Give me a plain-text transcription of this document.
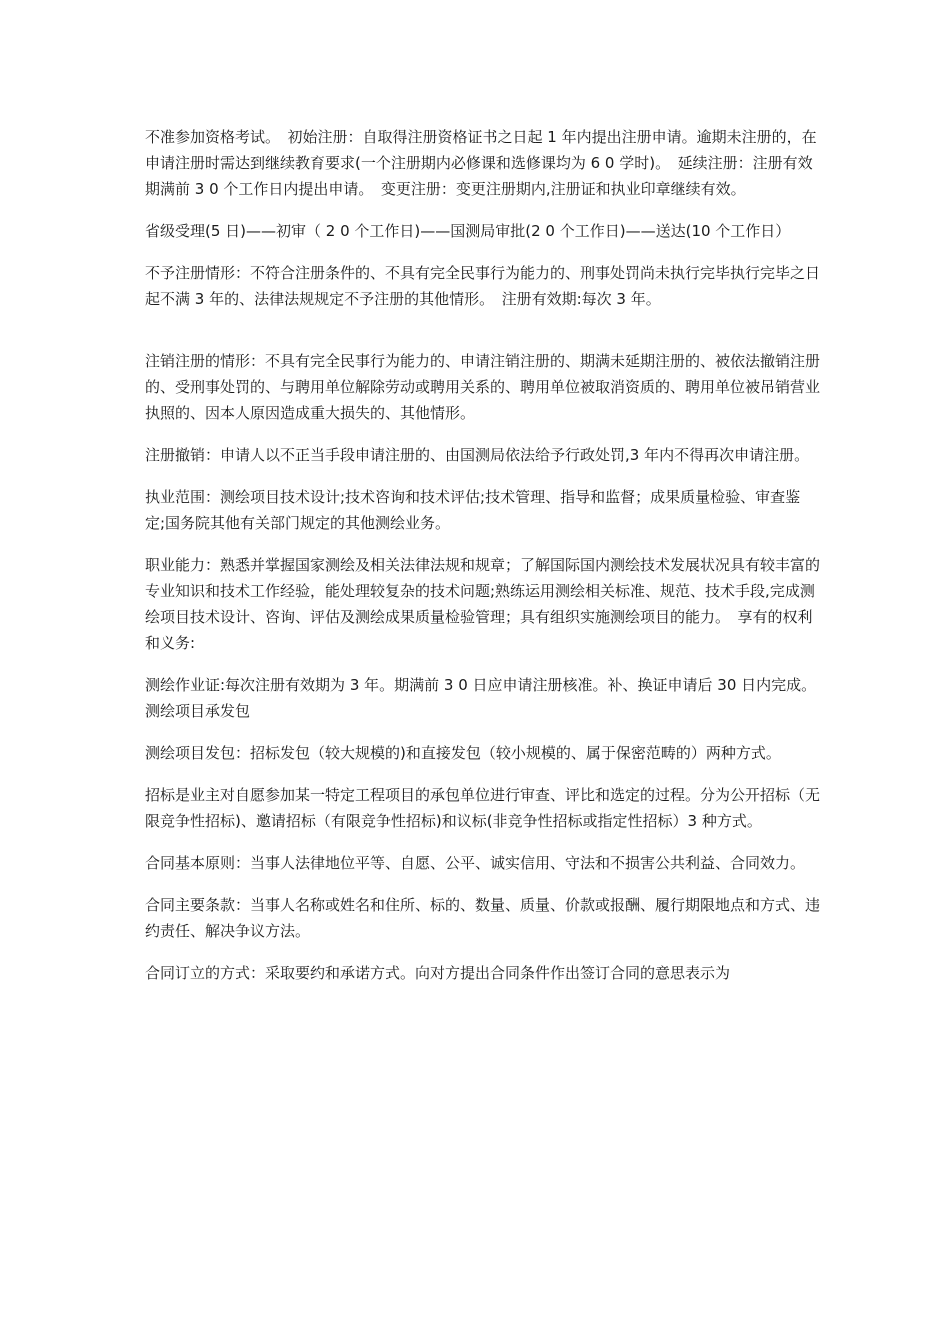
不准参加资格考试。　初始注册：自取得注册资格证书之日起 1 年内提出注册申请。逾期未注册的，在申请注册时需达到继续教育要求(一个注册期内必修课和选修课均为 6 0 学时)。　延续注册：注册有效期满前 3 0 个工作日内提出申请。　变更注册：变更注册期内,注册证和执业印章继续有效。

省级受理(5 日)——初审（ 2 0 个工作日)——国测局审批(2 0 个工作日)——送达(10 个工作日）

不予注册情形：不符合注册条件的、不具有完全民事行为能力的、刑事处罚尚未执行完毕执行完毕之日起不满 3 年的、法律法规规定不予注册的其他情形。　注册有效期:每次 3 年。

注销注册的情形：不具有完全民事行为能力的、申请注销注册的、期满未延期注册的、被依法撤销注册的、受刑事处罚的、与聘用单位解除劳动或聘用关系的、聘用单位被取消资质的、聘用单位被吊销营业执照的、因本人原因造成重大损失的、其他情形。

注册撤销：申请人以不正当手段申请注册的、由国测局依法给予行政处罚,3 年内不得再次申请注册。

执业范围：测绘项目技术设计;技术咨询和技术评估;技术管理、指导和监督；成果质量检验、审查鉴定;国务院其他有关部门规定的其他测绘业务。

职业能力：熟悉并掌握国家测绘及相关法律法规和规章；了解国际国内测绘技术发展状况具有较丰富的专业知识和技术工作经验，能处理较复杂的技术问题;熟练运用测绘相关标准、规范、技术手段,完成测绘项目技术设计、咨询、评估及测绘成果质量检验管理；具有组织实施测绘项目的能力。　享有的权利和义务:

测绘作业证:每次注册有效期为 3 年。期满前 3 0 日应申请注册核准。补、换证申请后 30 日内完成。　测绘项目承发包

测绘项目发包：招标发包（较大规模的)和直接发包（较小规模的、属于保密范畴的）两种方式。

招标是业主对自愿参加某一特定工程项目的承包单位进行审查、评比和选定的过程。分为公开招标（无限竞争性招标)、邀请招标（有限竞争性招标)和议标(非竞争性招标或指定性招标）3 种方式。

合同基本原则：当事人法律地位平等、自愿、公平、诚实信用、守法和不损害公共利益、合同效力。

合同主要条款：当事人名称或姓名和住所、标的、数量、质量、价款或报酬、履行期限地点和方式、违约责任、解决争议方法。

合同订立的方式：采取要约和承诺方式。向对方提出合同条件作出签订合同的意思表示为
